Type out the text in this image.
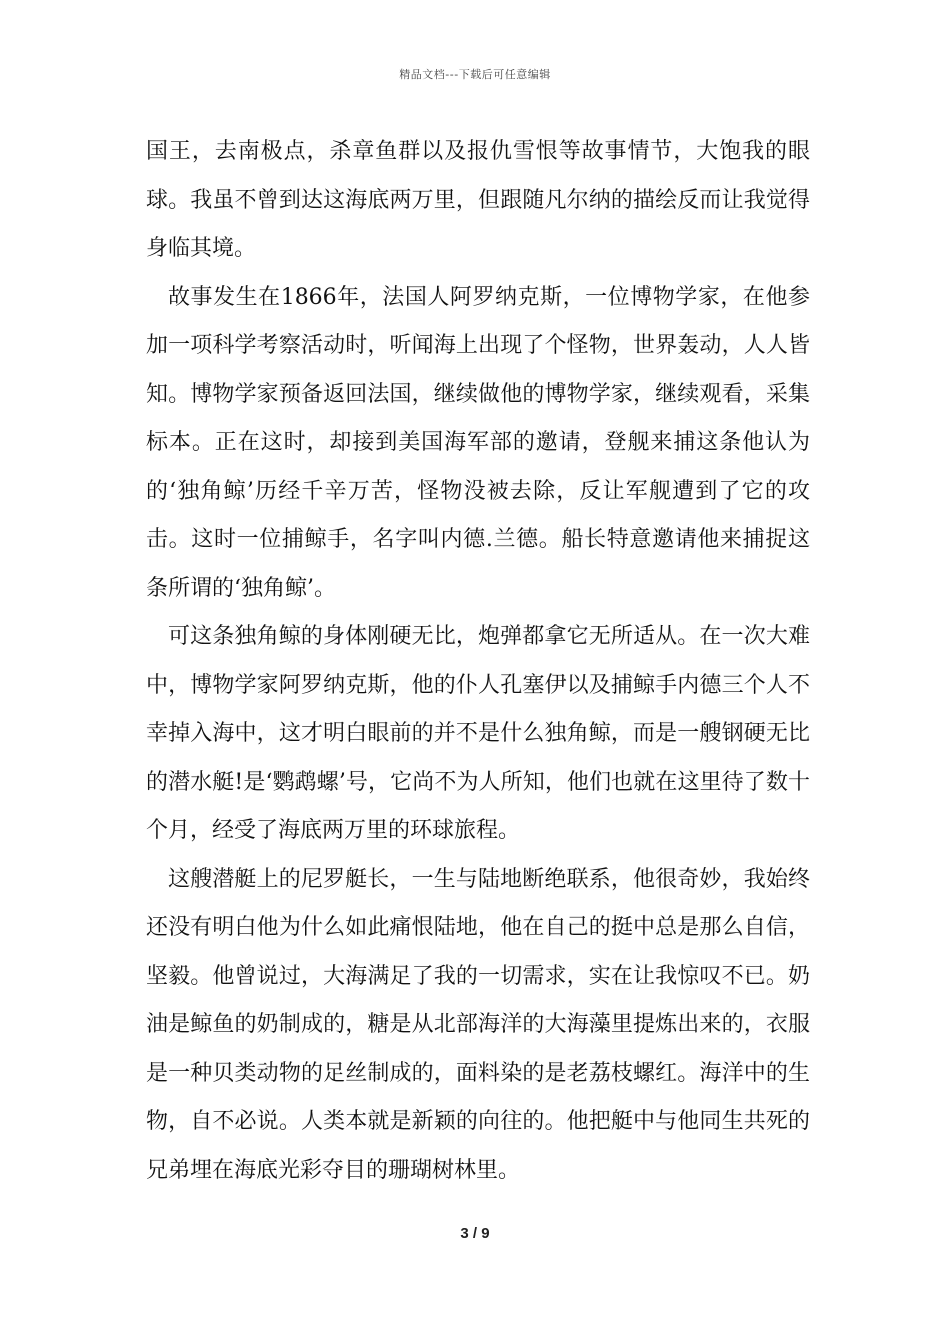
精品文档---下载后可任意编辑

国王，去南极点，杀章鱼群以及报仇雪恨等故事情节，大饱我的眼球。我虽不曾到达这海底两万里，但跟随凡尔纳的描绘反而让我觉得身临其境。

故事发生在1866年，法国人阿罗纳克斯，一位博物学家，在他参加一项科学考察活动时，听闻海上出现了个怪物，世界轰动，人人皆知。博物学家预备返回法国，继续做他的博物学家，继续观看，采集标本。正在这时，却接到美国海军部的邀请，登舰来捕这条他认为的‘独角鲸’历经千辛万苦，怪物没被去除，反让军舰遭到了它的攻击。这时一位捕鲸手，名字叫内德.兰德。船长特意邀请他来捕捉这条所谓的‘独角鲸’。

可这条独角鲸的身体刚硬无比，炮弹都拿它无所适从。在一次大难中，博物学家阿罗纳克斯，他的仆人孔塞伊以及捕鲸手内德三个人不幸掉入海中，这才明白眼前的并不是什么独角鲸，而是一艘钢硬无比的潜水艇!是‘鹦鹉螺’号，它尚不为人所知，他们也就在这里待了数十个月，经受了海底两万里的环球旅程。

这艘潜艇上的尼罗艇长，一生与陆地断绝联系，他很奇妙，我始终还没有明白他为什么如此痛恨陆地，他在自己的挺中总是那么自信，坚毅。他曾说过，大海满足了我的一切需求，实在让我惊叹不已。奶油是鲸鱼的奶制成的，糖是从北部海洋的大海藻里提炼出来的，衣服是一种贝类动物的足丝制成的，面料染的是老荔枝螺红。海洋中的生物，自不必说。人类本就是新颖的向往的。他把艇中与他同生共死的兄弟埋在海底光彩夺目的珊瑚树林里。

3 / 9
